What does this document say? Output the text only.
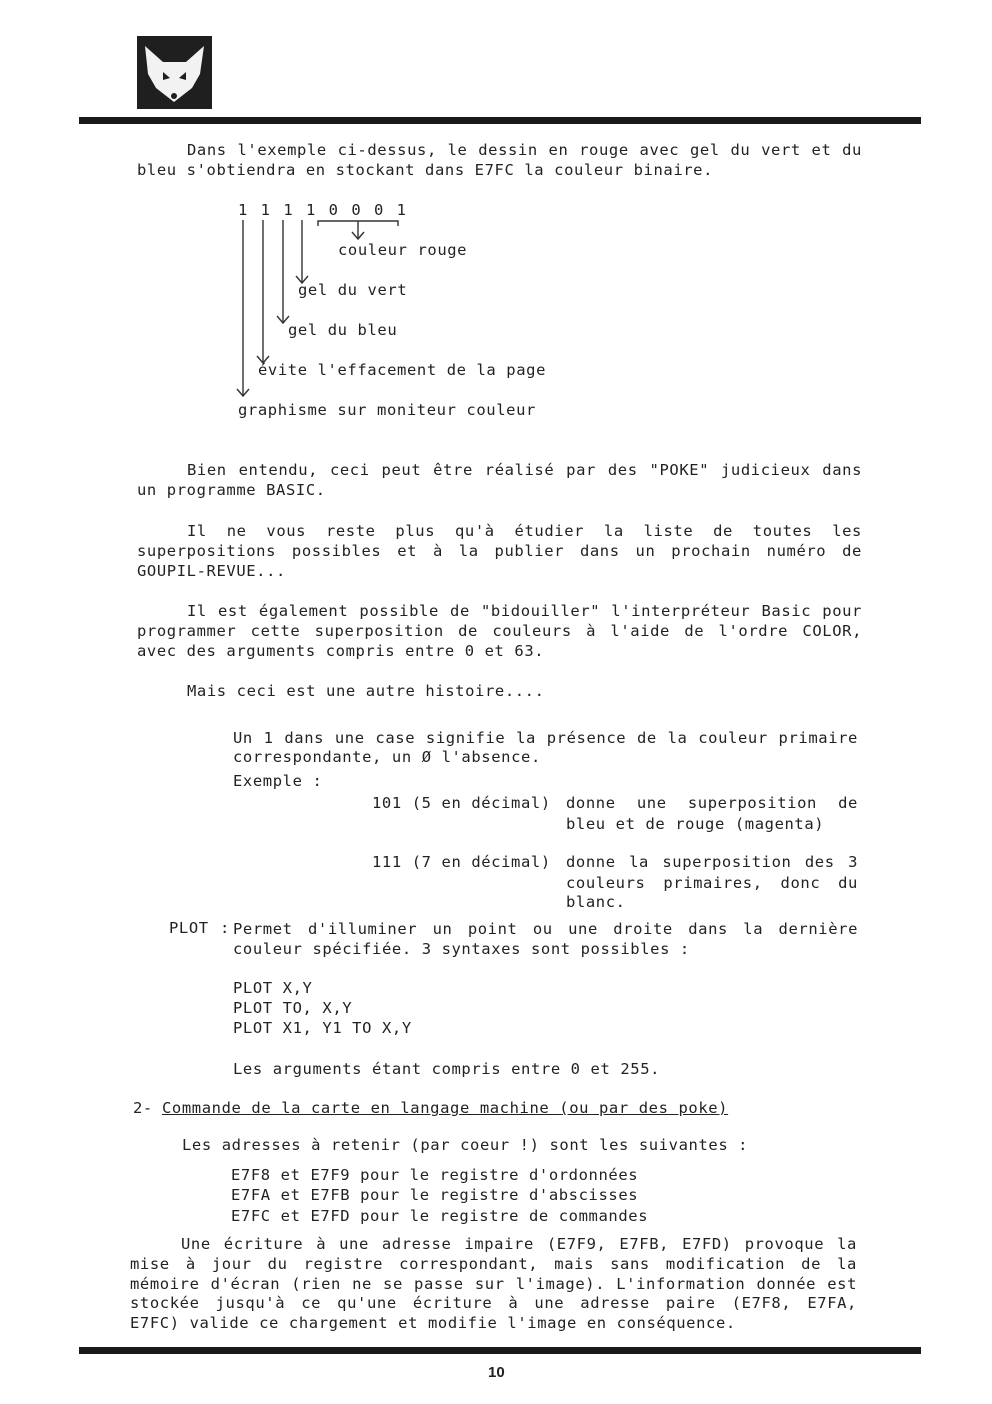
Dans l'exemple ci-dessus, le dessin en rouge avec gel du vert et du
bleu s'obtiendra en stockant dans E7FC la couleur binaire.
1 1 1 1 0 0 0 1
couleur rouge
gel du vert
gel du bleu
évite l'effacement de la page
graphisme sur moniteur couleur
Bien entendu, ceci peut être réalisé par des "POKE" judicieux dans
un programme BASIC.
Il ne vous reste plus qu'à étudier la liste de toutes les
superpositions possibles et à la publier dans un prochain numéro de
GOUPIL-REVUE...
Il est également possible de "bidouiller" l'interpréteur Basic pour
programmer cette superposition de couleurs à l'aide de l'ordre COLOR,
avec des arguments compris entre 0 et 63.
Mais ceci est une autre histoire....
Un 1 dans une case signifie la présence de la couleur primaire
correspondante, un Ø l'absence.
Exemple :
101 (5 en décimal) donne une superposition de
bleu et de rouge (magenta)
111 (7 en décimal) donne la superposition des 3
couleurs primaires, donc du
blanc.
PLOT : Permet d'illuminer un point ou une droite dans la dernière
couleur spécifiée. 3 syntaxes sont possibles :
PLOT X,Y
PLOT TO, X,Y
PLOT X1, Y1 TO X,Y
Les arguments étant compris entre 0 et 255.
2- Commande de la carte en langage machine (ou par des poke)
Les adresses à retenir (par coeur !) sont les suivantes :
E7F8 et E7F9 pour le registre d'ordonnées
E7FA et E7FB pour le registre d'abscisses
E7FC et E7FD pour le registre de commandes
Une écriture à une adresse impaire (E7F9, E7FB, E7FD) provoque la
mise à jour du registre correspondant, mais sans modification de la
mémoire d'écran (rien ne se passe sur l'image). L'information donnée est
stockée jusqu'à ce qu'une écriture à une adresse paire (E7F8, E7FA,
E7FC) valide ce chargement et modifie l'image en conséquence.
10
